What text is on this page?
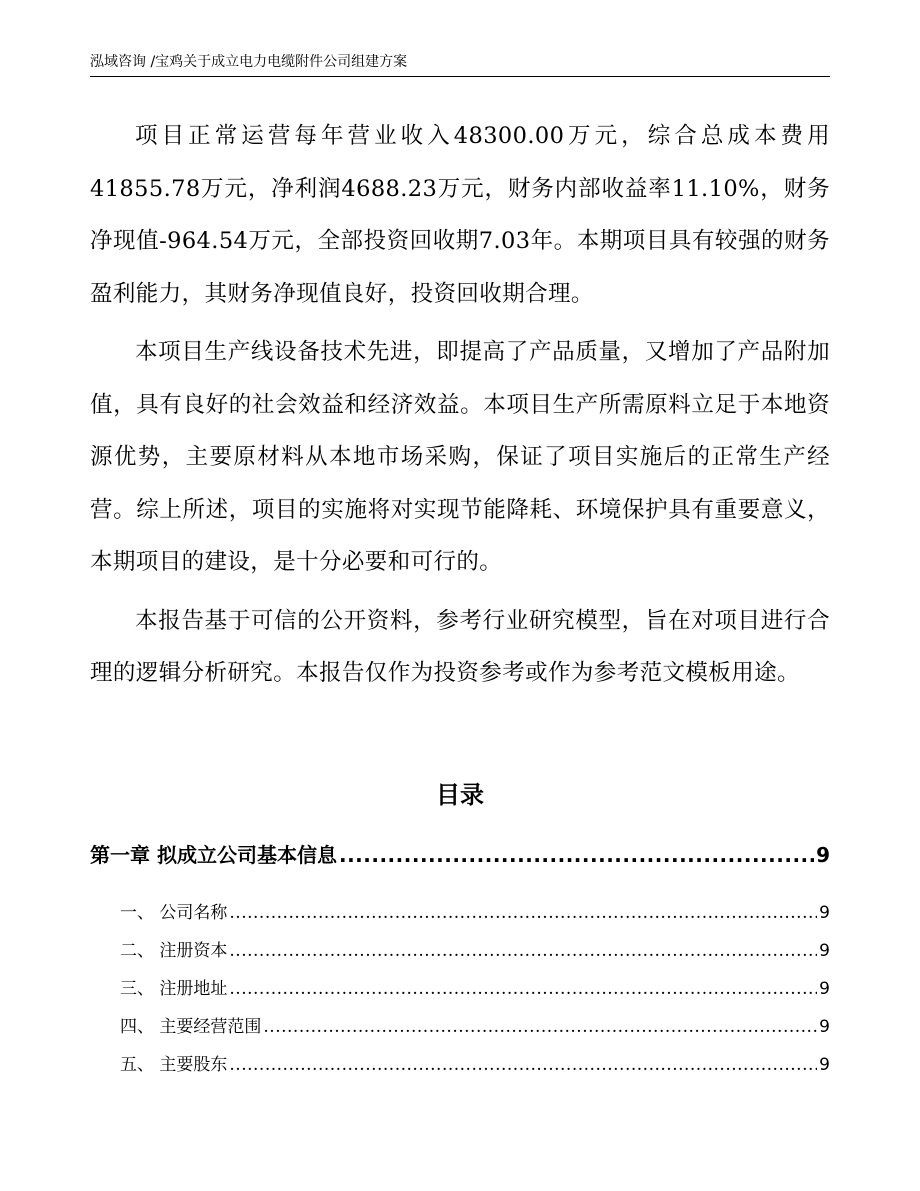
泓域咨询 /宝鸡关于成立电力电缆附件公司组建方案

项目正常运营每年营业收入48300.00万元，综合总成本费用41855.78万元，净利润4688.23万元，财务内部收益率11.10%，财务净现值-964.54万元，全部投资回收期7.03年。本期项目具有较强的财务盈利能力，其财务净现值良好，投资回收期合理。

本项目生产线设备技术先进，即提高了产品质量，又增加了产品附加值，具有良好的社会效益和经济效益。本项目生产所需原料立足于本地资源优势，主要原材料从本地市场采购，保证了项目实施后的正常生产经营。综上所述，项目的实施将对实现节能降耗、环境保护具有重要意义，本期项目的建设，是十分必要和可行的。

本报告基于可信的公开资料，参考行业研究模型，旨在对项目进行合理的逻辑分析研究。本报告仅作为投资参考或作为参考范文模板用途。

目录
第一章 拟成立公司基本信息 .....	9
一、 公司名称 .....	9
二、 注册资本 .....	9
三、 注册地址 .....	9
四、 主要经营范围 .....	9
五、 主要股东 .....	9
